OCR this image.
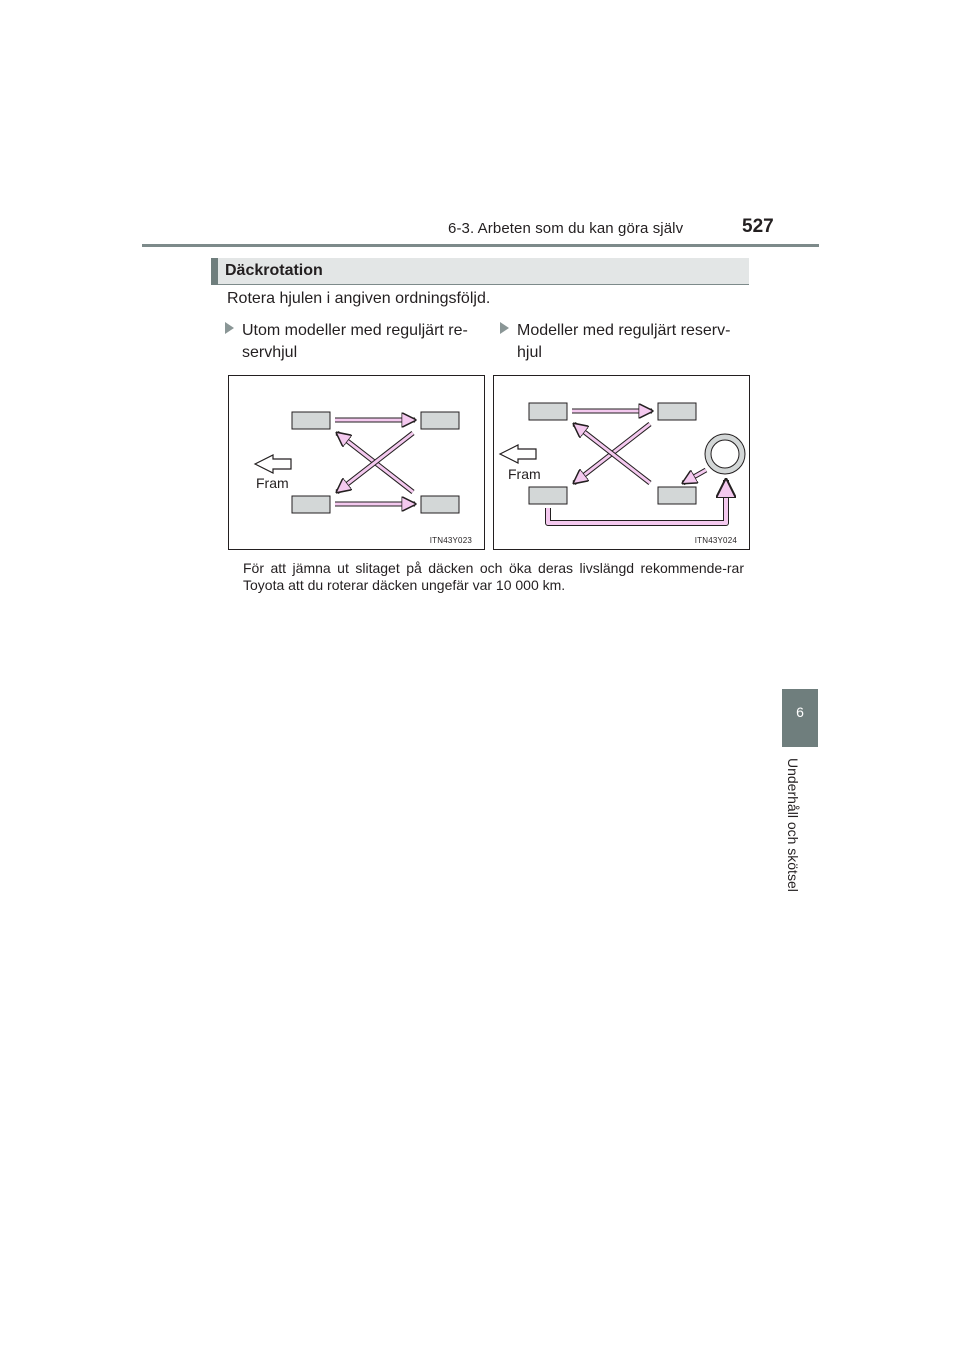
6-3. Arbeten som du kan göra själv	527
6
Underhåll och skötsel
Däckrotation
Rotera hjulen i angiven ordningsföljd.
Utom modeller med reguljärt re-
servhjul
Modeller med reguljärt reserv-
hjul
Fram
ITN43Y023
Fram
ITN43Y024
För att jämna ut slitaget på däcken och öka deras livslängd rekommende-rar Toyota att du roterar däcken ungefär var 10 000 km.
